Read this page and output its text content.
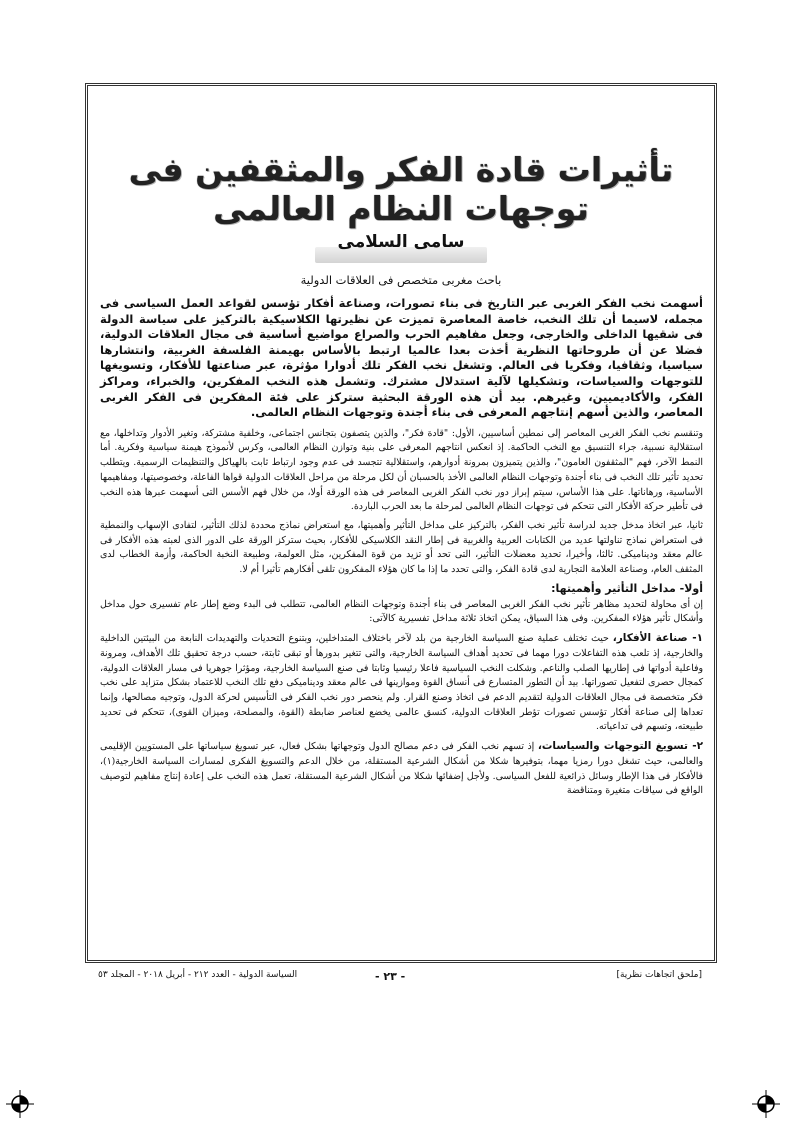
تأثيرات قادة الفكر والمثقفين فى توجهات النظام العالمى

سامى السلامى

باحث مغربى متخصص فى العلاقات الدولية

أسهمت نخب الفكر الغربى عبر التاريخ فى بناء تصورات، وصناعة أفكار تؤسس لقواعد العمل السياسى فى مجمله، لاسيما أن تلك النخب، خاصة المعاصرة تميزت عن نظيرتها الكلاسيكية بالتركيز على سياسة الدولة فى شقيها الداخلى والخارجى، وجعل مفاهيم الحرب والصراع مواضيع أساسية فى مجال العلاقات الدولية، فضلا عن أن طروحاتها النظرية أخذت بعدا عالميا ارتبط بالأساس بهيمنة الفلسفة الغربية، وانتشارها سياسيا، وثقافيا، وفكريا فى العالم. وتشغل نخب الفكر تلك أدوارا مؤثرة، عبر صناعتها للأفكار، وتسويغها للتوجهات والسياسات، وتشكيلها لآلية استدلال مشترك. وتشمل هذه النخب المفكرين، والخبراء، ومراكز الفكر، والأكاديميين، وغيرهم. بيد أن هذه الورقة البحثية ستركز على فئة المفكرين فى الفكر الغربى المعاصر، والذين أسهم إنتاجهم المعرفى فى بناء أجندة وتوجهات النظام العالمى.

وتنقسم نخب الفكر الغربى المعاصر إلى نمطين أساسيين، الأول: "قادة فكر"، والذين يتصفون بتجانس اجتماعى، وخلفية مشتركة، وتغير الأدوار وتداخلها، مع استقلالية نسبية، جراء التنسيق مع النخب الحاكمة. إذ انعكس انتاجهم المعرفى على بنية وتوازن النظام العالمى، وكرس لأنموذج هيمنة سياسية وفكرية. أما النمط الآخر، فهم "المثقفون العامون"، والذين يتميزون بمرونة أدوارهم، واستقلالية تتجسد فى عدم وجود ارتباط ثابت بالهياكل والتنظيمات الرسمية. ويتطلب تحديد تأثير تلك النخب فى بناء أجندة وتوجهات النظام العالمى الأخذ بالحسبان أن لكل مرحلة من مراحل العلاقات الدولية قواها الفاعلة، وخصوصيتها، ومفاهيمها الأساسية، ورهاناتها. على هذا الأساس، سيتم إبراز دور نخب الفكر الغربى المعاصر فى هذه الورقة أولا، من خلال فهم الأسس التى أسهمت عبرها هذه النخب فى تأطير حركة الأفكار التى تتحكم فى توجهات النظام العالمى لمرحلة ما بعد الحرب الباردة.

ثانيا، عبر اتخاذ مدخل جديد لدراسة تأثير نخب الفكر، بالتركيز على مداخل التأثير وأهميتها، مع استعراض نماذج محددة لذلك التأثير، لتفادى الإسهاب والنمطية فى استعراض نماذج تناولتها عديد من الكتابات العربية والغربية فى إطار النقد الكلاسيكى للأفكار، بحيث ستركز الورقة على الدور الذى لعبته هذه الأفكار فى عالم معقد وديناميكى. ثالثا، وأخيرا، تحديد معضلات التأثير، التى تحد أو تزيد من قوة المفكرين، مثل العولمة، وطبيعة النخبة الحاكمة، وأزمة الخطاب لدى المثقف العام، وصناعة العلامة التجارية لدى قادة الفكر، والتى تحدد ما إذا ما كان هؤلاء المفكرون تلقى أفكارهم تأثيرا أم لا.

أولا- مداخل التأثير وأهميتها:

إن أى محاولة لتحديد مظاهر تأثير نخب الفكر الغربى المعاصر فى بناء أجندة وتوجهات النظام العالمى، تتطلب فى البدء وضع إطار عام تفسيرى حول مداخل وأشكال تأثير هؤلاء المفكرين. وفى هذا السياق، يمكن اتخاذ ثلاثة مداخل تفسيرية كالآتى:

١- صناعة الأفكار، حيث تختلف عملية صنع السياسة الخارجية من بلد لآخر باختلاف المتداخلين، وبتنوع التحديات والتهديدات النابعة من البيئتين الداخلية والخارجية، إذ تلعب هذه التفاعلات دورا مهما فى تحديد أهداف السياسة الخارجية، والتى تتغير بدورها أو تبقى ثابتة، حسب درجة تحقيق تلك الأهداف، ومرونة وفاعلية أدواتها فى إطاريها الصلب والناعم. وشكلت النخب السياسية فاعلا رئيسيا وثابتا فى صنع السياسة الخارجية، ومؤثرا جوهريا فى مسار العلاقات الدولية، كمجال حصرى لتفعيل تصوراتها. بيد أن التطور المتسارع فى أنساق القوة وموازينها فى عالم معقد وديناميكى دفع تلك النخب للاعتماد بشكل متزايد على نخب فكر متخصصة فى مجال العلاقات الدولية لتقديم الدعم فى اتخاذ وصنع القرار. ولم ينحصر دور نخب الفكر فى التأسيس لحركة الدول، وتوجيه مصالحها، وإنما تعداها إلى صناعة أفكار تؤسس تصورات تؤطر العلاقات الدولية، كنسق عالمى يخضع لعناصر ضابطة (القوة، والمصلحة، وميزان القوى)، تتحكم فى تحديد طبيعته، وتسهم فى تداعياته.

٢- تسويغ التوجهات والسياسات، إذ تسهم نخب الفكر فى دعم مصالح الدول وتوجهاتها بشكل فعال، عبر تسويغ سياساتها على المستويين الإقليمى والعالمى، حيث تشغل دورا رمزيا مهما، بتوفيرها شكلا من أشكال الشرعية المستقلة، من خلال الدعم والتسويغ الفكرى لمسارات السياسة الخارجية(١)، فالأفكار فى هذا الإطار وسائل ذرائعية للفعل السياسى. ولأجل إضفائها شكلا من أشكال الشرعية المستقلة، تعمل هذه النخب على إعادة إنتاج مفاهيم لتوصيف الواقع فى سياقات متغيرة ومتناقضة

[ملحق اتجاهات نظرية]

- ٢٣ -

السياسة الدولية - العدد ٢١٢ - أبريل ٢٠١٨ - المجلد ٥٣
